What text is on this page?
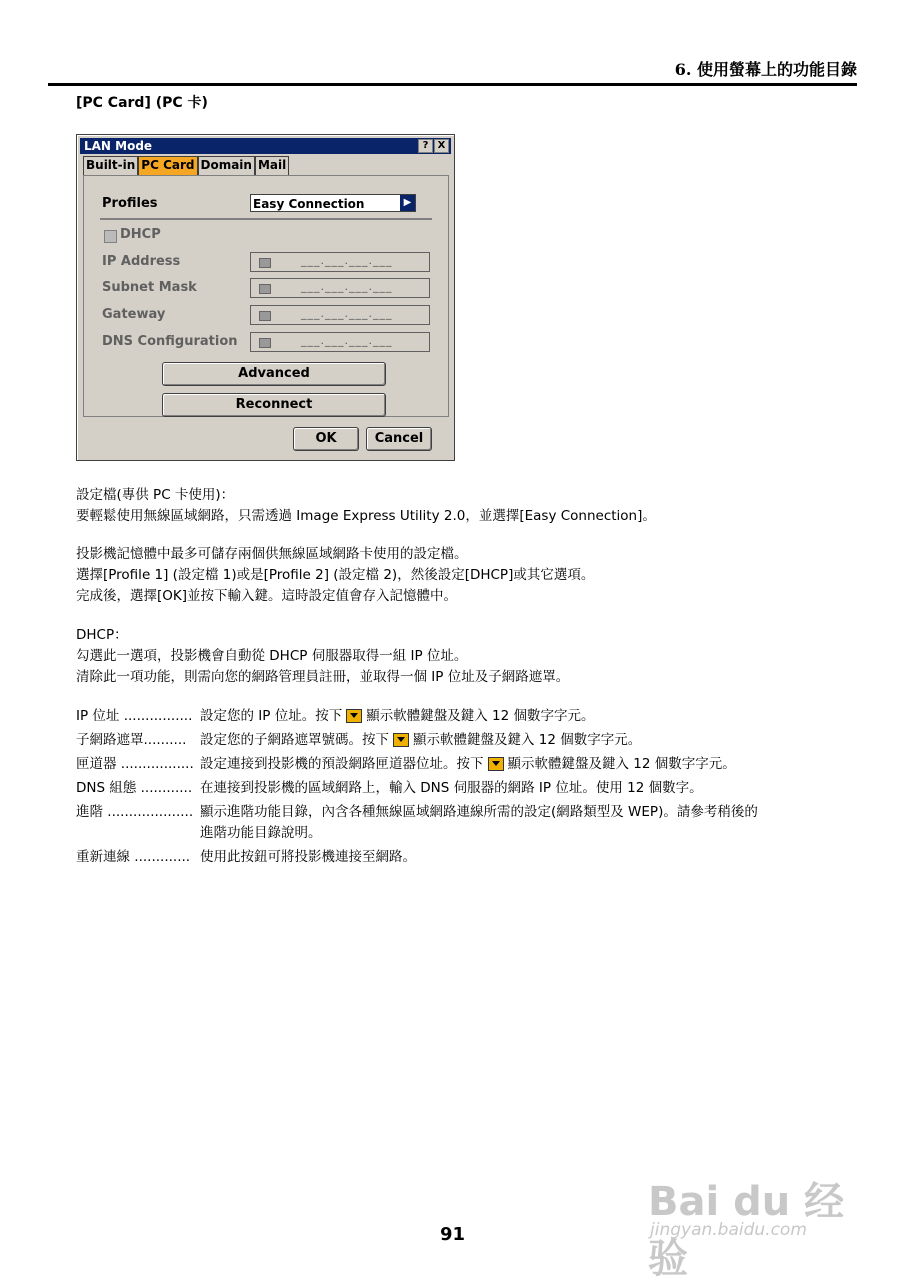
6. 使用螢幕上的功能目錄
[PC Card] (PC 卡)
LAN Mode	? X
Built-in PC Card Domain Mail
Profiles	Easy Connection	▶
DHCP
IP Address	___.___.___.___
Subnet Mask	___.___.___.___
Gateway	___.___.___.___
DNS Configuration	___.___.___.___
Advanced
Reconnect
OK	Cancel
設定檔(專供 PC 卡使用)：
要輕鬆使用無線區域網路，只需透過 Image Express Utility 2.0，並選擇[Easy Connection]。
投影機記憶體中最多可儲存兩個供無線區域網路卡使用的設定檔。
選擇[Profile 1] (設定檔 1)或是[Profile 2] (設定檔 2)，然後設定[DHCP]或其它選項。
完成後，選擇[OK]並按下輸入鍵。這時設定值會存入記憶體中。
DHCP：
勾選此一選項，投影機會自動從 DHCP 伺服器取得一組 IP 位址。
清除此一項功能，則需向您的網路管理員註冊，並取得一個 IP 位址及子網路遮罩。
IP 位址 ................ 設定您的 IP 位址。按下 顯示軟體鍵盤及鍵入 12 個數字字元。
子網路遮罩.......... 設定您的子網路遮罩號碼。按下 顯示軟體鍵盤及鍵入 12 個數字字元。
匣道器 ................. 設定連接到投影機的預設網路匣道器位址。按下 顯示軟體鍵盤及鍵入 12 個數字字元。
DNS 組態 ............ 在連接到投影機的區域網路上，輸入 DNS 伺服器的網路 IP 位址。使用 12 個數字。
進階 .................... 顯示進階功能目錄，內含各種無線區域網路連線所需的設定(網路類型及 WEP)。請參考稍後的
進階功能目錄說明。
重新連線 ............. 使用此按鈕可將投影機連接至網路。
Bai du 经验
jingyan.baidu.com
91
